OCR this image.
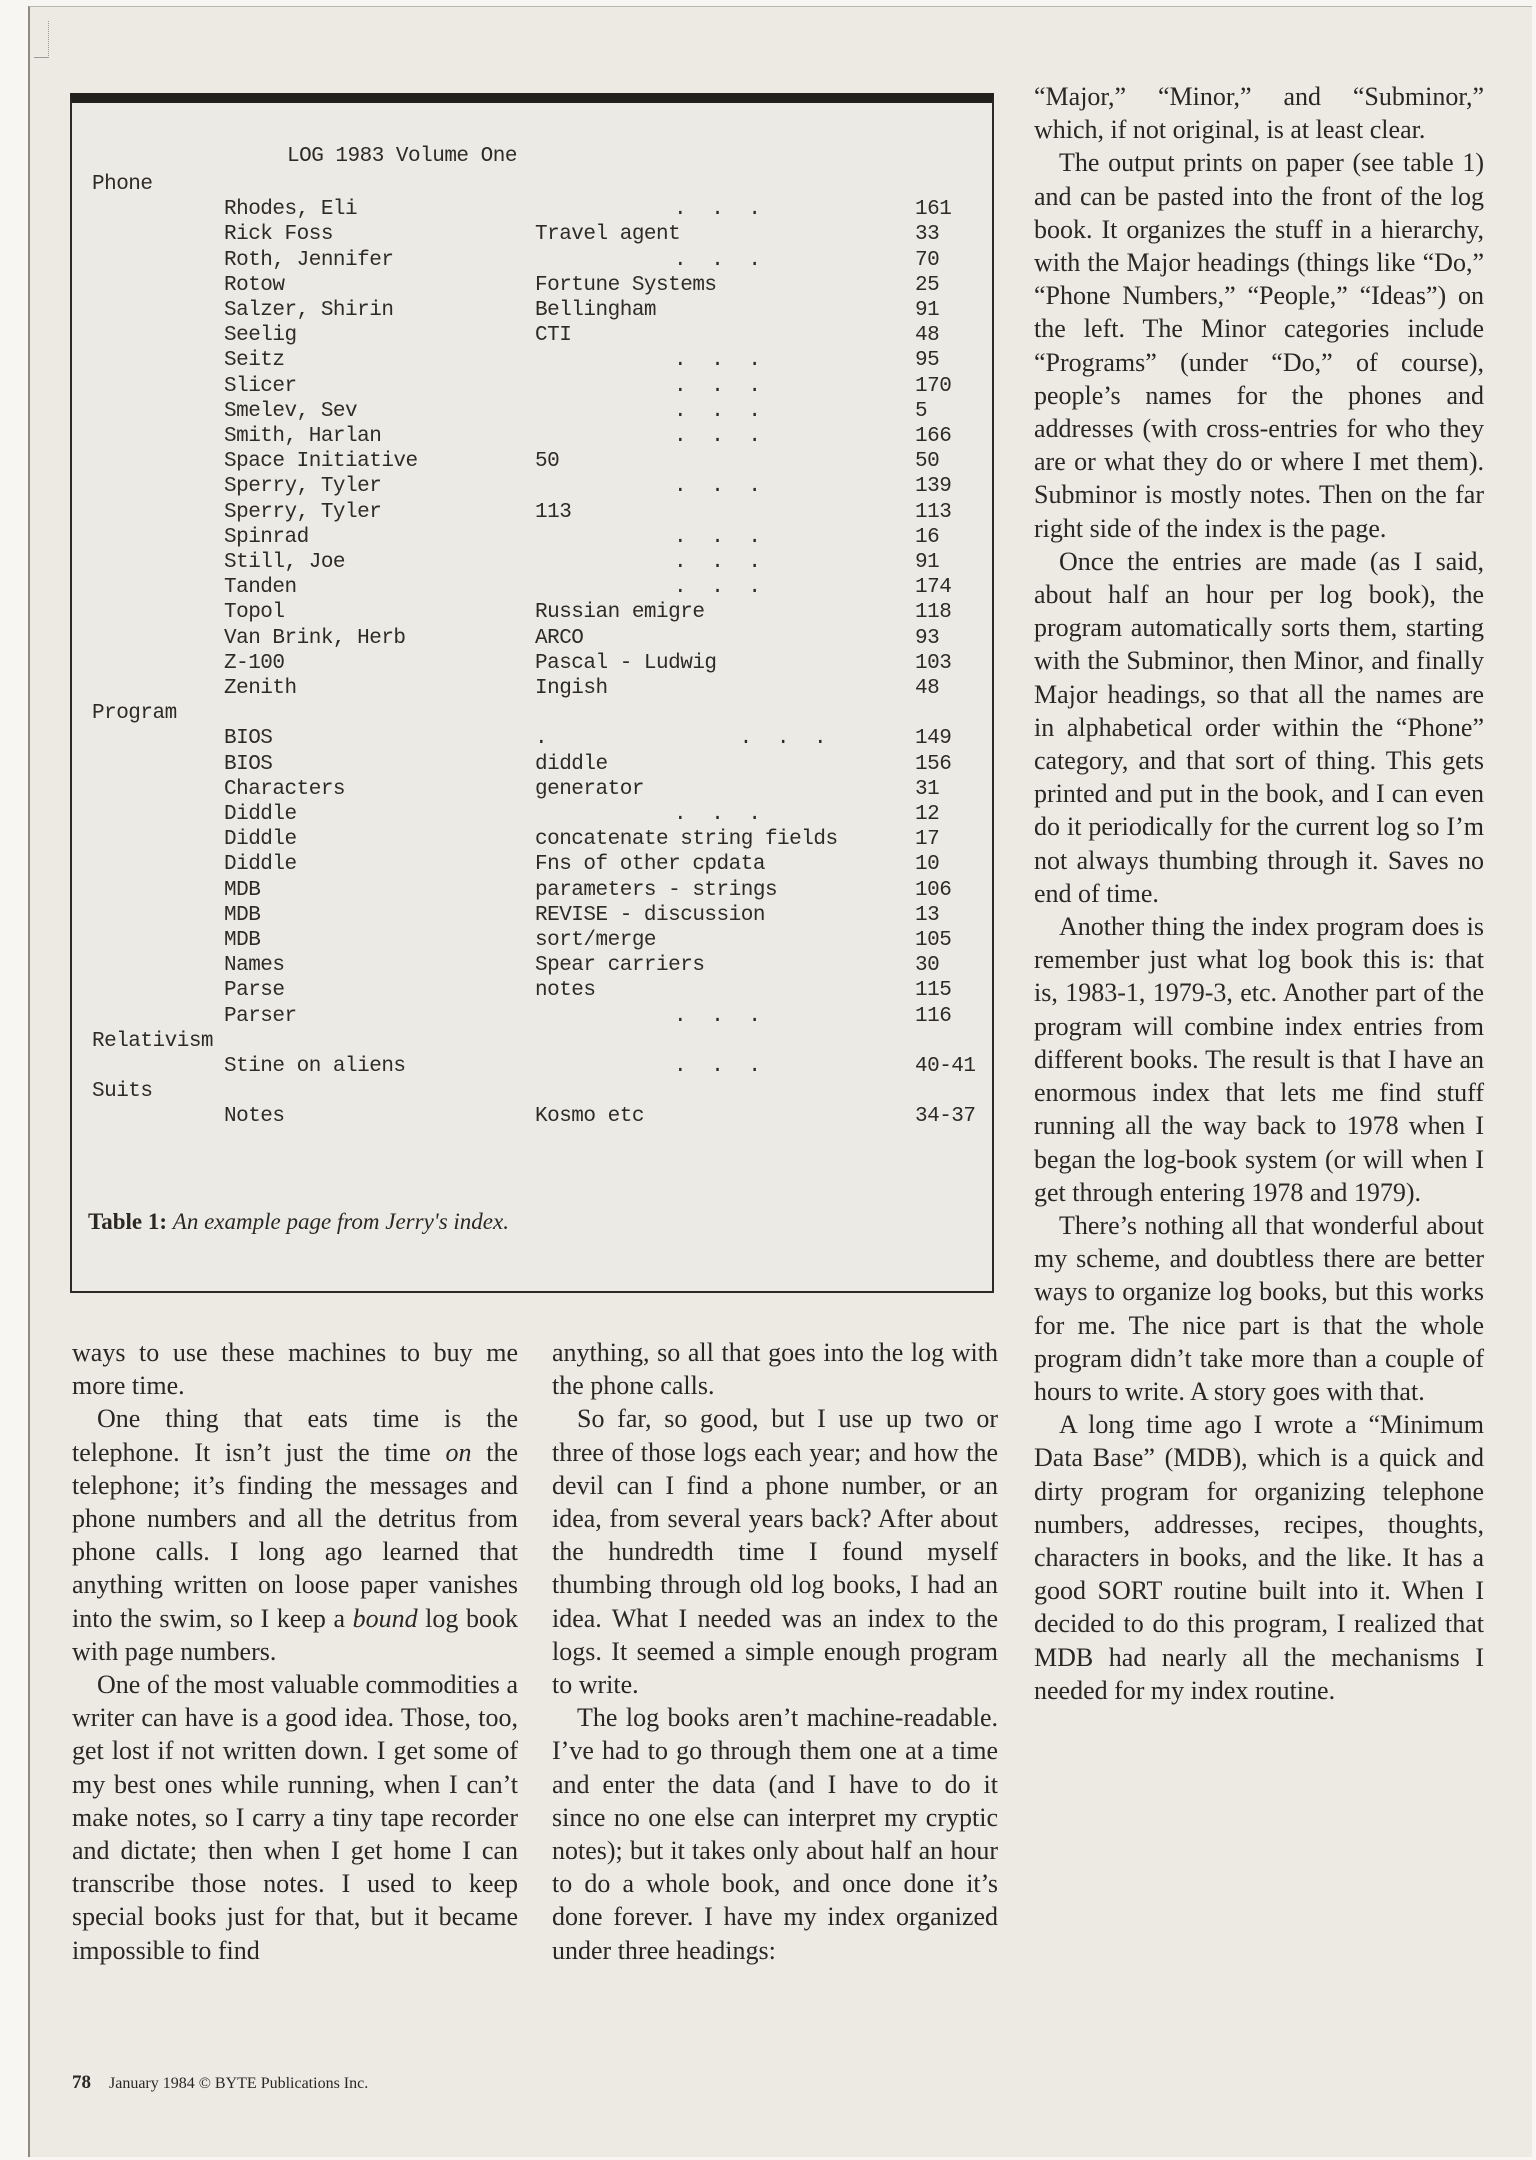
LOG 1983 Volume One
Phone
Rhodes, Eli	. . .	161
Rick Foss	Travel agent	33
Roth, Jennifer	. . .	70
Rotow	Fortune Systems	25
Salzer, Shirin	Bellingham	91
Seelig	CTI	48
Seitz	. . .	95
Slicer	. . .	170
Smelev, Sev	. . .	5
Smith, Harlan	. . .	166
Space Initiative	50	50
Sperry, Tyler	. . .	139
Sperry, Tyler	113	113
Spinrad	. . .	16
Still, Joe	. . .	91
Tanden	. . .	174
Topol	Russian emigre	118
Van Brink, Herb	ARCO	93
Z-100	Pascal - Ludwig	103
Zenith	Ingish	48
Program
BIOS	.          . . .	149
BIOS	diddle	156
Characters	generator	31
Diddle	. . .	12
Diddle	concatenate string fields	17
Diddle	Fns of other cpdata	10
MDB	parameters - strings	106
MDB	REVISE - discussion	13
MDB	sort/merge	105
Names	Spear carriers	30
Parse	notes	115
Parser	. . .	116
Relativism
Stine on aliens	. . .	40-41
Suits
Notes	Kosmo etc	34-37
Table 1: An example page from Jerry's index.

“Major,” “Minor,” and “Subminor,” which, if not original, is at least clear.

The output prints on paper (see table 1) and can be pasted into the front of the log book. It organizes the stuff in a hierarchy, with the Major headings (things like “Do,” “Phone Numbers,” “People,” “Ideas”) on the left. The Minor categories include “Programs” (under “Do,” of course), people’s names for the phones and addresses (with cross-entries for who they are or what they do or where I met them). Subminor is mostly notes. Then on the far right side of the index is the page.

Once the entries are made (as I said, about half an hour per log book), the program automatically sorts them, starting with the Subminor, then Minor, and finally Major headings, so that all the names are in alphabetical order within the “Phone” category, and that sort of thing. This gets printed and put in the book, and I can even do it periodically for the current log so I’m not always thumbing through it. Saves no end of time.

Another thing the index program does is remember just what log book this is: that is, 1983-1, 1979-3, etc. Another part of the program will combine index entries from different books. The result is that I have an enormous index that lets me find stuff running all the way back to 1978 when I began the log-book system (or will when I get through entering 1978 and 1979).

There’s nothing all that wonderful about my scheme, and doubtless there are better ways to organize log books, but this works for me. The nice part is that the whole program didn’t take more than a couple of hours to write. A story goes with that.

A long time ago I wrote a “Minimum Data Base” (MDB), which is a quick and dirty program for organizing telephone numbers, addresses, recipes, thoughts, characters in books, and the like. It has a good SORT routine built into it. When I decided to do this program, I realized that MDB had nearly all the mechanisms I needed for my index routine.

ways to use these machines to buy me more time.

One thing that eats time is the telephone. It isn’t just the time on the telephone; it’s finding the messages and phone numbers and all the detritus from phone calls. I long ago learned that anything written on loose paper vanishes into the swim, so I keep a bound log book with page numbers.

One of the most valuable commodities a writer can have is a good idea. Those, too, get lost if not written down. I get some of my best ones while running, when I can’t make notes, so I carry a tiny tape recorder and dictate; then when I get home I can transcribe those notes. I used to keep special books just for that, but it became impossible to find

anything, so all that goes into the log with the phone calls.

So far, so good, but I use up two or three of those logs each year; and how the devil can I find a phone number, or an idea, from several years back? After about the hundredth time I found myself thumbing through old log books, I had an idea. What I needed was an index to the logs. It seemed a simple enough program to write.

The log books aren’t machine-readable. I’ve had to go through them one at a time and enter the data (and I have to do it since no one else can interpret my cryptic notes); but it takes only about half an hour to do a whole book, and once done it’s done forever. I have my index organized under three headings:

78 January 1984 © BYTE Publications Inc.
